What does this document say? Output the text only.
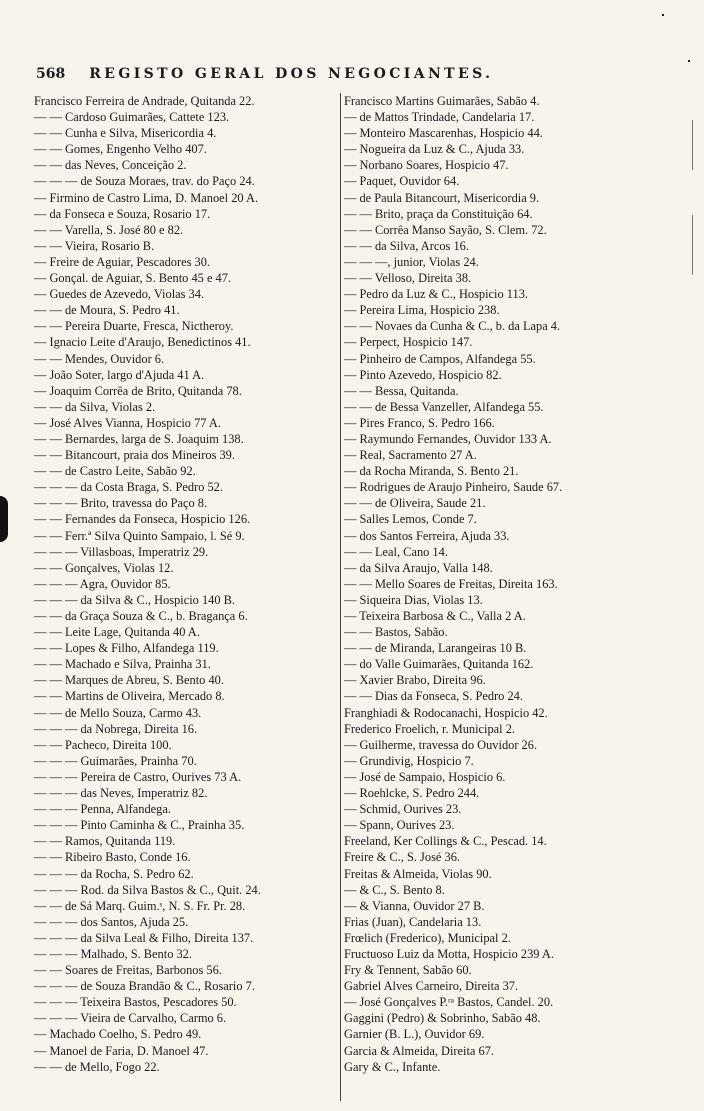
568 REGISTO GERAL DOS NEGOCIANTES.
Francisco Ferreira de Andrade, Quitanda 22.
— — Cardoso Guimarães, Cattete 123.
— — Cunha e Silva, Misericordia 4.
— — Gomes, Engenho Velho 407.
— — das Neves, Conceição 2.
— — — de Souza Moraes, trav. do Paço 24.
— Firmino de Castro Lima, D. Manoel 20 A.
— da Fonseca e Souza, Rosario 17.
— — Varella, S. José 80 e 82.
— — Vieira, Rosario B.
— Freire de Aguiar, Pescadores 30.
— Gonçal. de Aguiar, S. Bento 45 e 47.
— Guedes de Azevedo, Violas 34.
— — de Moura, S. Pedro 41.
— — Pereira Duarte, Fresca, Nictheroy.
— Ignacio Leite d'Araujo, Benedictinos 41.
— — Mendes, Ouvidor 6.
— João Soter, largo d'Ajuda 41 A.
— Joaquim Corrêa de Brito, Quitanda 78.
— — da Silva, Violas 2.
— José Alves Vianna, Hospicio 77 A.
— — Bernardes, larga de S. Joaquim 138.
— — Bitancourt, praia dos Mineiros 39.
— — de Castro Leite, Sabão 92.
— — — da Costa Braga, S. Pedro 52.
— — — Brito, travessa do Paço 8.
— — Fernandes da Fonseca, Hospicio 126.
— — Ferr.ª Silva Quinto Sampaio, l. Sé 9.
— — — Villasboas, Imperatriz 29.
— — Gonçalves, Violas 12.
— — — Agra, Ouvidor 85.
— — — da Silva & C., Hospicio 140 B.
— — da Graça Souza & C., b. Bragança 6.
— — Leite Lage, Quitanda 40 A.
— — Lopes & Filho, Alfandega 119.
— — Machado e Silva, Prainha 31.
— — Marques de Abreu, S. Bento 40.
— — Martins de Oliveira, Mercado 8.
— — de Mello Souza, Carmo 43.
— — — da Nobrega, Direita 16.
— — Pacheco, Direita 100.
— — — Guimarães, Prainha 70.
— — — Pereira de Castro, Ourives 73 A.
— — — das Neves, Imperatriz 82.
— — — Penna, Alfandega.
— — — Pinto Caminha & C., Prainha 35.
— — Ramos, Quitanda 119.
— — Ribeiro Basto, Conde 16.
— — — da Rocha, S. Pedro 62.
— — — Rod. da Silva Bastos & C., Quit. 24.
— — de Sá Marq. Guim.ˢ, N. S. Fr. Pr. 28.
— — — dos Santos, Ajuda 25.
— — — da Silva Leal & Filho, Direita 137.
— — — Malhado, S. Bento 32.
— — Soares de Freitas, Barbonos 56.
— — — de Souza Brandão & C., Rosario 7.
— — — Teixeira Bastos, Pescadores 50.
— — — Vieira de Carvalho, Carmo 6.
— Machado Coelho, S. Pedro 49.
— Manoel de Faria, D. Manoel 47.
— — de Mello, Fogo 22.
Francisco Martins Guimarães, Sabão 4.
— de Mattos Trindade, Candelaria 17.
— Monteiro Mascarenhas, Hospicio 44.
— Nogueira da Luz & C., Ajuda 33.
— Norbano Soares, Hospicio 47.
— Paquet, Ouvidor 64.
— de Paula Bitancourt, Misericordia 9.
— — Brito, praça da Constituição 64.
— — Corrêa Manso Sayão, S. Clem. 72.
— — da Silva, Arcos 16.
— — —, junior, Violas 24.
— — Velloso, Direita 38.
— Pedro da Luz & C., Hospicio 113.
— Pereira Lima, Hospicio 238.
— — Novaes da Cunha & C., b. da Lapa 4.
— Perpect, Hospicio 147.
— Pinheiro de Campos, Alfandega 55.
— Pinto Azevedo, Hospicio 82.
— — Bessa, Quitanda.
— — de Bessa Vanzeller, Alfandega 55.
— Pires Franco, S. Pedro 166.
— Raymundo Fernandes, Ouvidor 133 A.
— Real, Sacramento 27 A.
— da Rocha Miranda, S. Bento 21.
— Rodrigues de Araujo Pinheiro, Saude 67.
— — de Oliveira, Saude 21.
— Salles Lemos, Conde 7.
— dos Santos Ferreira, Ajuda 33.
— — Leal, Cano 14.
— da Silva Araujo, Valla 148.
— — Mello Soares de Freitas, Direita 163.
— Siqueira Dias, Violas 13.
— Teixeira Barbosa & C., Valla 2 A.
— — Bastos, Sabão.
— — de Miranda, Larangeiras 10 B.
— do Valle Guimarães, Quitanda 162.
— Xavier Brabo, Direita 96.
— — Dias da Fonseca, S. Pedro 24.
Franghiadi & Rodocanachi, Hospicio 42.
Frederico Froelich, r. Municipal 2.
— Guilherme, travessa do Ouvidor 26.
— Grundivig, Hospicio 7.
— José de Sampaio, Hospicio 6.
— Roehlcke, S. Pedro 244.
— Schmid, Ourives 23.
— Spann, Ourives 23.
Freeland, Ker Collings & C., Pescad. 14.
Freire & C., S. José 36.
Freitas & Almeida, Violas 90.
— & C., S. Bento 8.
— & Vianna, Ouvidor 27 B.
Frias (Juan), Candelaria 13.
Frœlich (Frederico), Municipal 2.
Fructuoso Luiz da Motta, Hospicio 239 A.
Fry & Tennent, Sabão 60.
Gabriel Alves Carneiro, Direita 37.
— José Gonçalves P.ʳᵃ Bastos, Candel. 20.
Gaggini (Pedro) & Sobrinho, Sabão 48.
Garnier (B. L.), Ouvidor 69.
Garcia & Almeida, Direita 67.
Gary & C., Infante.
